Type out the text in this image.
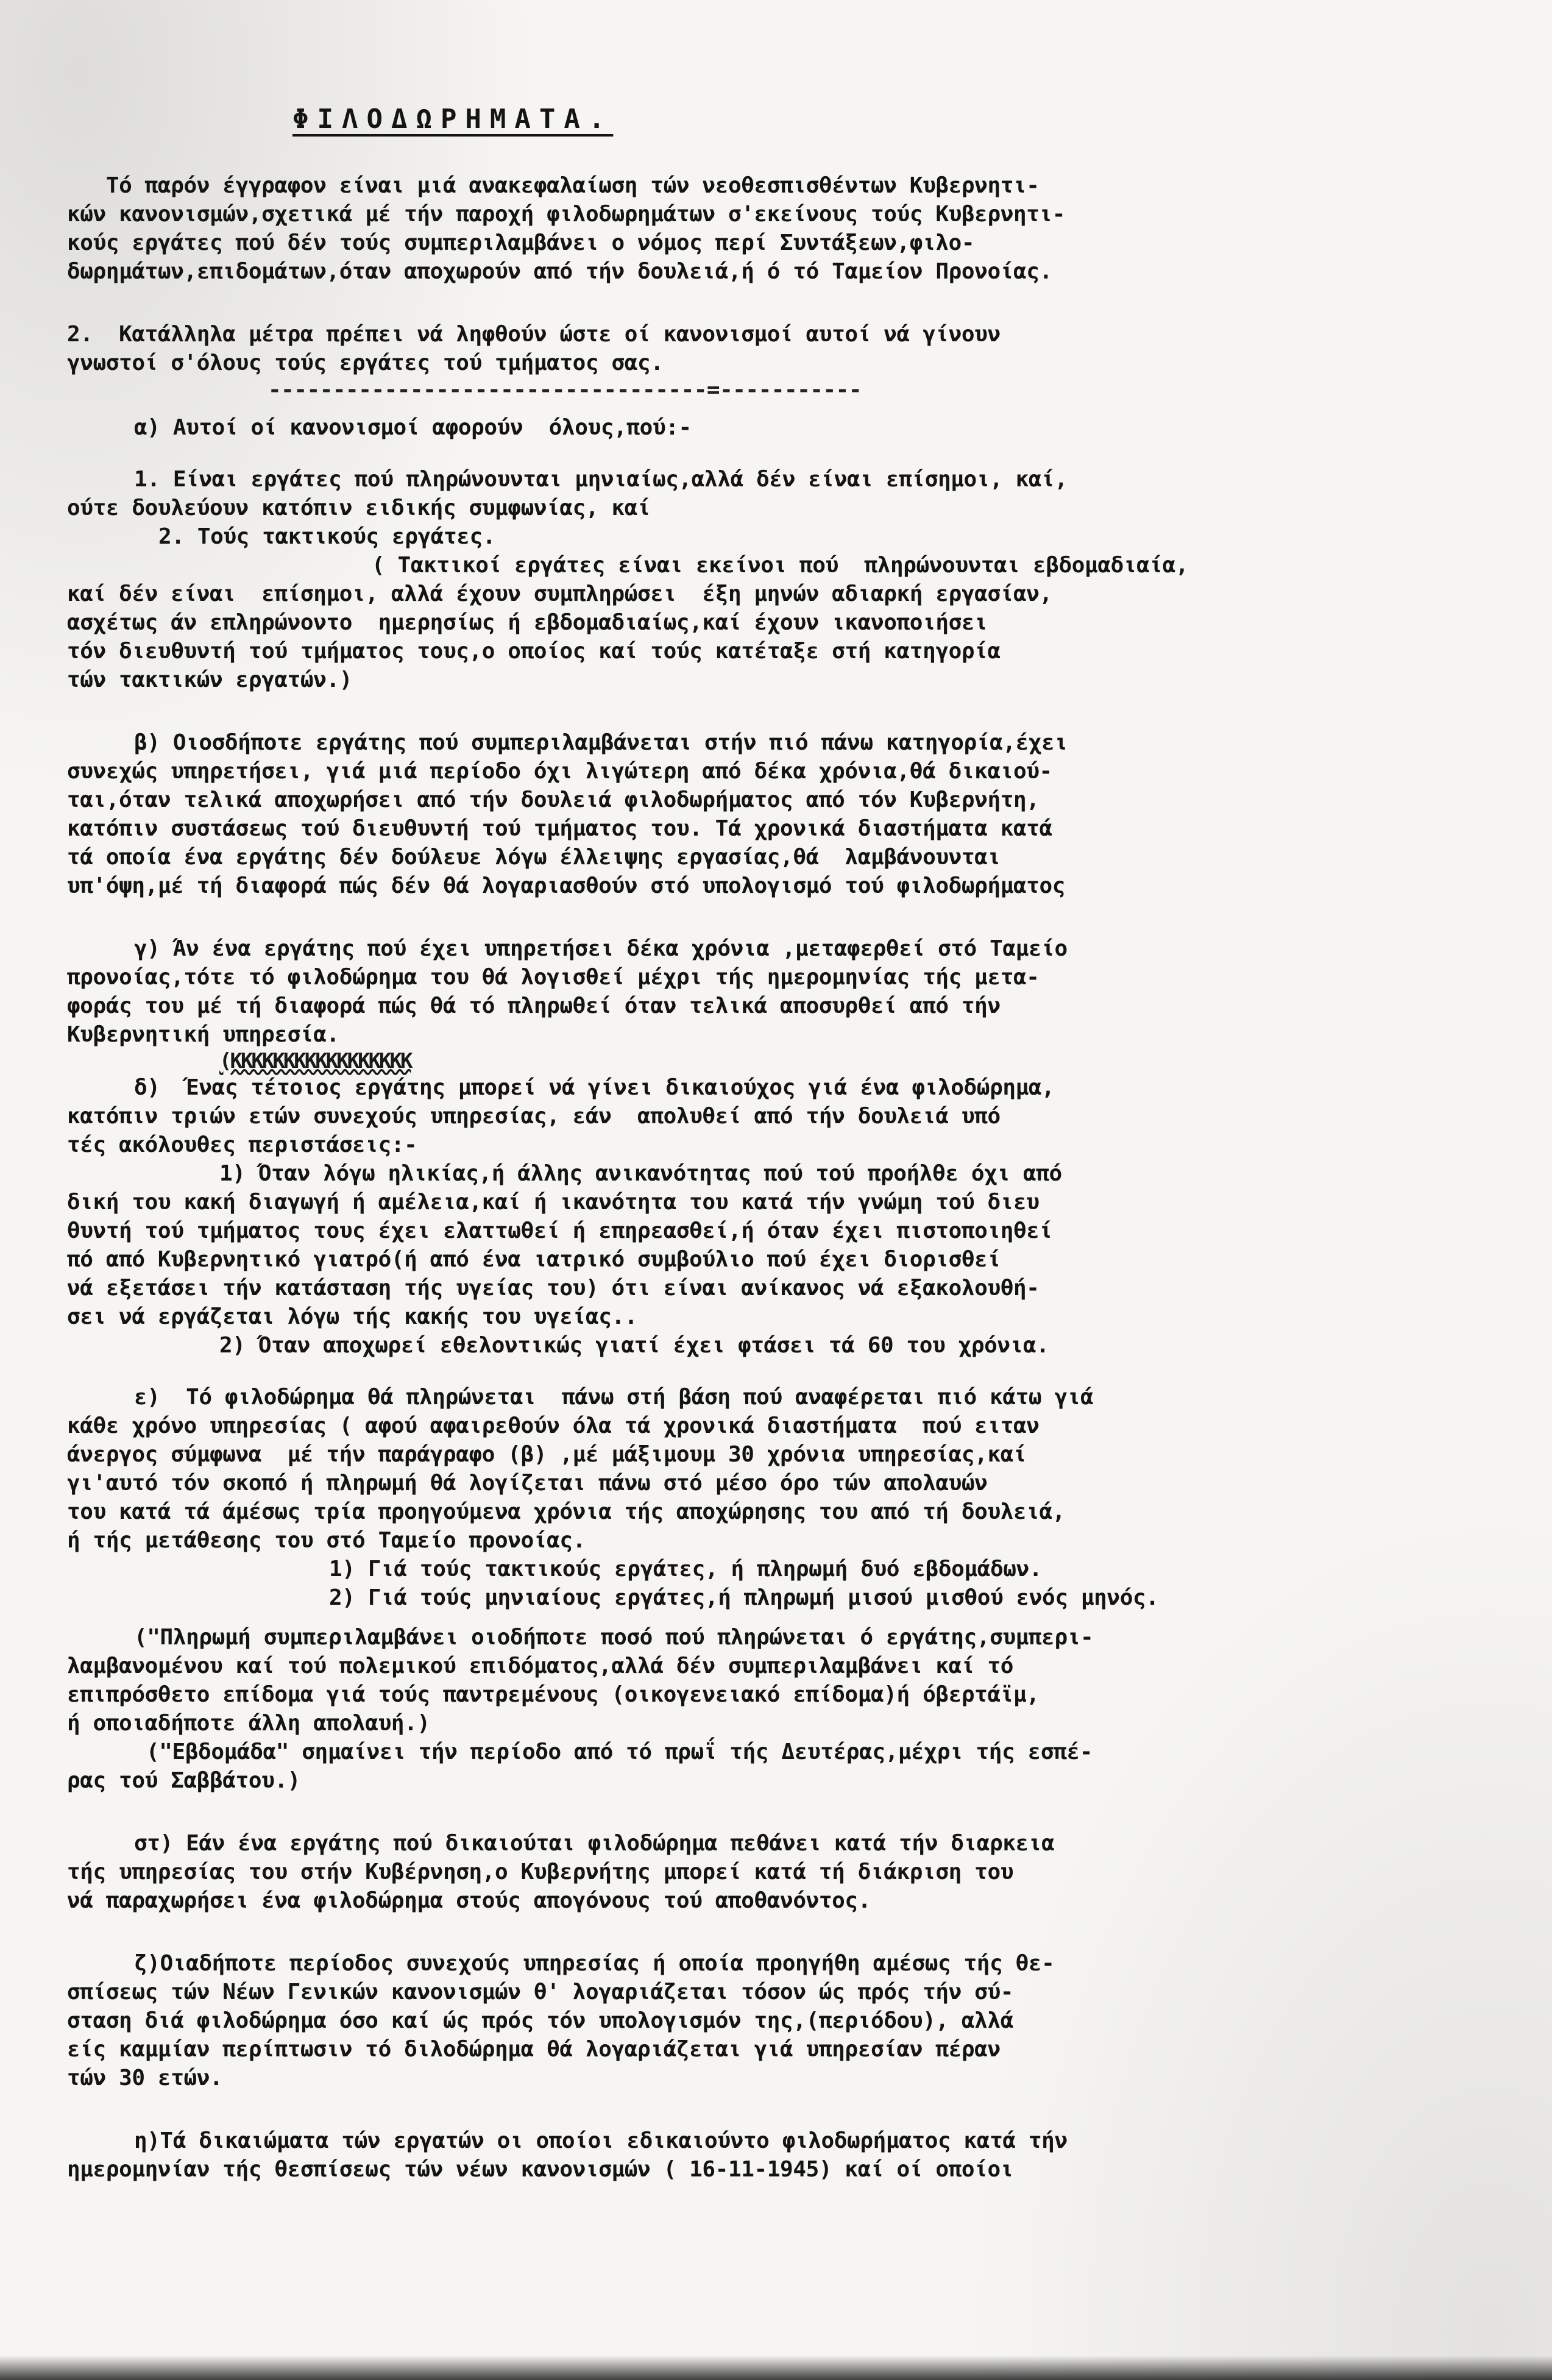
ΦΙΛΟΔΩΡΗΜΑΤΑ.

Τό παρόν έγγραφον είναι μιά ανακεφαλαίωση τών νεοθεσπισθέντων Κυβερνητι-

κών κανονισμών,σχετικά μέ τήν παροχή φιλοδωρημάτων σ'εκείνους τούς Κυβερνητι-

κούς εργάτες πού δέν τούς συμπεριλαμβάνει ο νόμος περί Συντάξεων,φιλο-

δωρημάτων,επιδομάτων,όταν αποχωρούν από τήν δουλειά,ή ό τό Ταμείον Προνοίας.

2.  Κατάλληλα μέτρα πρέπει νά ληφθούν ώστε οί κανονισμοί αυτοί νά γίνουν

γνωστοί σ'όλους τούς εργάτες τού τμήματος σας.

----------------------------------=-----------

α) Αυτοί οί κανονισμοί αφορούν  όλους,πού:-

1. Είναι εργάτες πού πληρώνουνται μηνιαίως,αλλά δέν είναι επίσημοι, καί,

ούτε δουλεύουν κατόπιν ειδικής συμφωνίας, καί

2. Τούς τακτικούς εργάτες.

( Τακτικοί εργάτες είναι εκείνοι πού  πληρώνουνται εβδομαδιαία,

καί δέν είναι  επίσημοι, αλλά έχουν συμπληρώσει  έξη μηνών αδιαρκή εργασίαν,

ασχέτως άν επληρώνοντο  ημερησίως ή εβδομαδιαίως,καί έχουν ικανοποιήσει

τόν διευθυντή τού τμήματος τους,ο οποίος καί τούς κατέταξε στή κατηγορία

τών τακτικών εργατών.)

β) Οιοσδήποτε εργάτης πού συμπεριλαμβάνεται στήν πιό πάνω κατηγορία,έχει

συνεχώς υπηρετήσει, γιά μιά περίοδο όχι λιγώτερη από δέκα χρόνια,θά δικαιού-

ται,όταν τελικά αποχωρήσει από τήν δουλειά φιλοδωρήματος από τόν Κυβερνήτη,

κατόπιν συστάσεως τού διευθυντή τού τμήματος του. Τά χρονικά διαστήματα κατά

τά οποία ένα εργάτης δέν δούλευε λόγω έλλειψης εργασίας,θά  λαμβάνουνται

υπ'όψη,μέ τή διαφορά πώς δέν θά λογαριασθούν στό υπολογισμό τού φιλοδωρήματος

γ) Άν ένα εργάτης πού έχει υπηρετήσει δέκα χρόνια ,μεταφερθεί στό Ταμείο

προνοίας,τότε τό φιλοδώρημα του θά λογισθεί μέχρι τής ημερομηνίας τής μετα-

φοράς του μέ τή διαφορά πώς θά τό πληρωθεί όταν τελικά αποσυρθεί από τήν

Κυβερνητική υπηρεσία.

(KKKKKKKKKKKKKKKKK

δ)  Ένας τέτοιος εργάτης μπορεί νά γίνει δικαιούχος γιά ένα φιλοδώρημα,

κατόπιν τριών ετών συνεχούς υπηρεσίας, εάν  απολυθεί από τήν δουλειά υπό

τές ακόλουθες περιστάσεις:-

1) Όταν λόγω ηλικίας,ή άλλης ανικανότητας πού τού προήλθε όχι από

δική του κακή διαγωγή ή αμέλεια,καί ή ικανότητα του κατά τήν γνώμη τού διευ

θυντή τού τμήματος τους έχει ελαττωθεί ή επηρεασθεί,ή όταν έχει πιστοποιηθεί

πό από Κυβερνητικό γιατρό(ή από ένα ιατρικό συμβούλιο πού έχει διορισθεί

νά εξετάσει τήν κατάσταση τής υγείας του) ότι είναι ανίκανος νά εξακολουθή-

σει νά εργάζεται λόγω τής κακής του υγείας..

2) Όταν αποχωρεί εθελοντικώς γιατί έχει φτάσει τά 60 του χρόνια.

ε)  Τό φιλοδώρημα θά πληρώνεται  πάνω στή βάση πού αναφέρεται πιό κάτω γιά

κάθε χρόνο υπηρεσίας ( αφού αφαιρεθούν όλα τά χρονικά διαστήματα  πού ειταν

άνεργος σύμφωνα  μέ τήν παράγραφο (β) ,μέ μάξιμουμ 30 χρόνια υπηρεσίας,καί

γι'αυτό τόν σκοπό ή πληρωμή θά λογίζεται πάνω στό μέσο όρο τών απολαυών

του κατά τά άμέσως τρία προηγούμενα χρόνια τής αποχώρησης του από τή δουλειά,

ή τής μετάθεσης του στό Ταμείο προνοίας.

1) Γιά τούς τακτικούς εργάτες, ή πληρωμή δυό εβδομάδων.

2) Γιά τούς μηνιαίους εργάτες,ή πληρωμή μισού μισθού ενός μηνός.

("Πληρωμή συμπεριλαμβάνει οιοδήποτε ποσό πού πληρώνεται ό εργάτης,συμπερι-

λαμβανομένου καί τού πολεμικού επιδόματος,αλλά δέν συμπεριλαμβάνει καί τό

επιπρόσθετο επίδομα γιά τούς παντρεμένους (οικογενειακό επίδομα)ή όβερτάϊμ,

ή οποιαδήποτε άλλη απολαυή.)

("Εβδομάδα" σημαίνει τήν περίοδο από τό πρωΐ τής Δευτέρας,μέχρι τής εσπέ-

ρας τού Σαββάτου.)

στ) Εάν ένα εργάτης πού δικαιούται φιλοδώρημα πεθάνει κατά τήν διαρκεια

τής υπηρεσίας του στήν Κυβέρνηση,ο Κυβερνήτης μπορεί κατά τή διάκριση του

νά παραχωρήσει ένα φιλοδώρημα στούς απογόνους τού αποθανόντος.

ζ)Οιαδήποτε περίοδος συνεχούς υπηρεσίας ή οποία προηγήθη αμέσως τής θε-

σπίσεως τών Νέων Γενικών κανονισμών θ' λογαριάζεται τόσον ώς πρός τήν σύ-

σταση διά φιλοδώρημα όσο καί ώς πρός τόν υπολογισμόν της,(περιόδου), αλλά

είς καμμίαν περίπτωσιν τό διλοδώρημα θά λογαριάζεται γιά υπηρεσίαν πέραν

τών 30 ετών.

η)Τά δικαιώματα τών εργατών οι οποίοι εδικαιούντο φιλοδωρήματος κατά τήν

ημερομηνίαν τής θεσπίσεως τών νέων κανονισμών ( 16-11-1945) καί οί οποίοι
